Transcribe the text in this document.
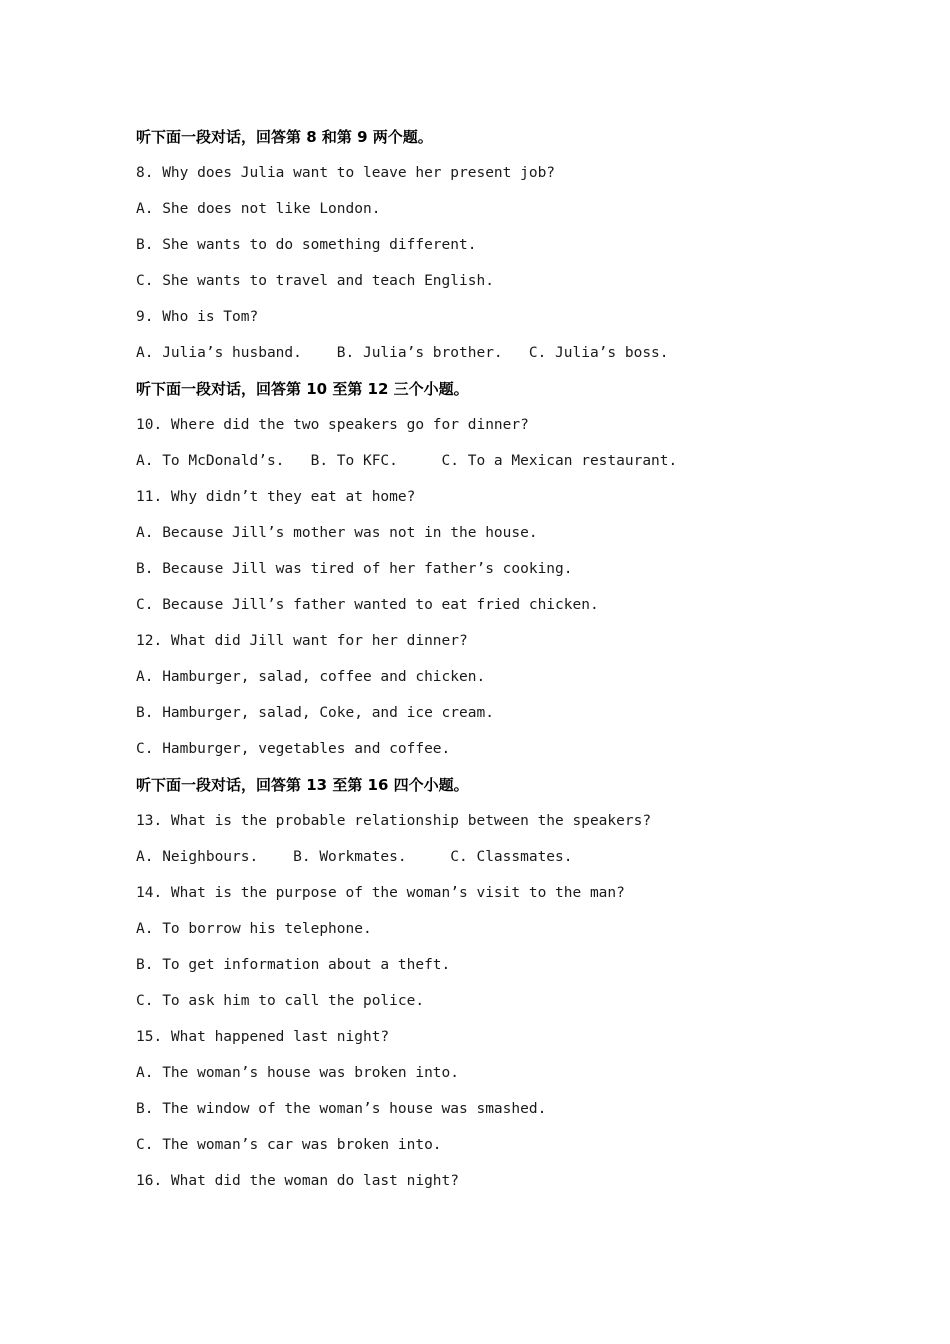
听下面一段对话，回答第 8 和第 9 两个题。
8. Why does Julia want to leave her present job?
A. She does not like London.
B. She wants to do something different.
C. She wants to travel and teach English.
9. Who is Tom?
A. Julia’s husband.    B. Julia’s brother.   C. Julia’s boss.
听下面一段对话，回答第 10 至第 12 三个小题。
10. Where did the two speakers go for dinner?
A. To McDonald’s.   B. To KFC.     C. To a Mexican restaurant.
11. Why didn’t they eat at home?
A. Because Jill’s mother was not in the house.
B. Because Jill was tired of her father’s cooking.
C. Because Jill’s father wanted to eat fried chicken.
12. What did Jill want for her dinner?
A. Hamburger, salad, coffee and chicken.
B. Hamburger, salad, Coke, and ice cream.
C. Hamburger, vegetables and coffee.
听下面一段对话，回答第 13 至第 16 四个小题。
13. What is the probable relationship between the speakers?
A. Neighbours.    B. Workmates.     C. Classmates.
14. What is the purpose of the woman’s visit to the man?
A. To borrow his telephone.
B. To get information about a theft.
C. To ask him to call the police.
15. What happened last night?
A. The woman’s house was broken into.
B. The window of the woman’s house was smashed.
C. The woman’s car was broken into.
16. What did the woman do last night?
